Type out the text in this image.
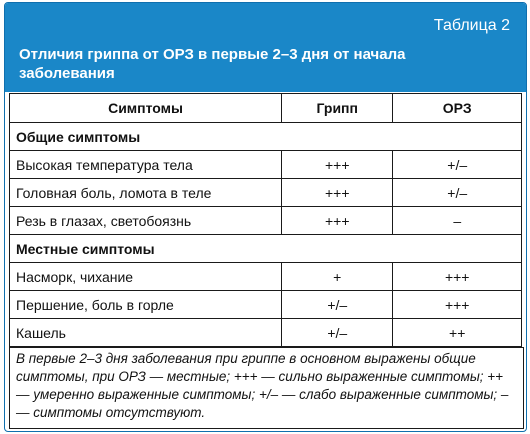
Таблица 2
Отличия гриппа от ОРЗ в первые 2–3 дня от начала заболевания
Симптомы	Грипп	ОРЗ
Общие симптомы		
Высокая температура тела	+++	+/–
Головная боль, ломота в теле	+++	+/–
Резь в глазах, светобоязнь	+++	–
Местные симптомы		
Насморк, чихание	+	+++
Першение, боль в горле	+/–	+++
Кашель	+/–	++
В первые 2–3 дня заболевания при гриппе в основном выражены общие симптомы, при ОРЗ — местные; +++ — сильно выраженные симптомы; ++ — умеренно выраженные симптомы; +/– — слабо выраженные симптомы; – — симптомы отсутствуют.
